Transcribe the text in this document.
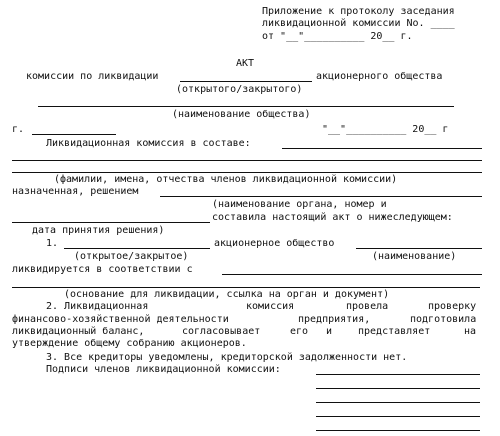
Приложение к протоколу заседания
ликвидационной комиссии No. ____
от "__"__________ 20__ г.
АКТ
комиссии по ликвидации	акционерного общества
(открытого/закрытого)
(наименование общества)
г.	"__"__________ 20__ г
Ликвидационная комиссия в составе:
(фамилии, имена, отчества членов ликвидационной комиссии)
назначенная, решением
(наименование органа, номер и
составила настоящий акт о нижеследующем:
дата принятия решения)
1.	акционерное общество
(открытое/закрытое)	(наименование)
ликвидируется в соответствии с
(основание для ликвидации, ссылка на орган и документ)
2. Ликвидационная	комиссия	провела	проверку
финансово-хозяйственной деятельности	предприятия,	подготовила
ликвидационный баланс,	согласовывает	его и	представляет	на
утверждение общему собранию акционеров.
3. Все кредиторы уведомлены, кредиторской задолженности нет.
Подписи членов ликвидационной комиссии:
